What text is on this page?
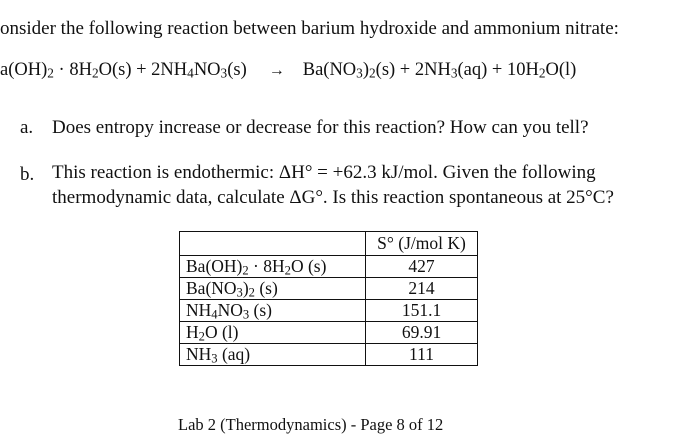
onsider the following reaction between barium hydroxide and ammonium nitrate:
$a(OH)_2 \cdot 8H_2O(s) + 2NH_4NO_3(s) \to Ba(NO_3)_2(s) + 2NH_3(aq) + 10H_2O(l)$
a. Does entropy increase or decrease for this reaction? How can you tell?
b. This reaction is endothermic: ΔH° = +62.3 kJ/mol. Given the following
thermodynamic data, calculate ΔG°. Is this reaction spontaneous at 25°C?
	S° (J/mol K)
$Ba(OH)_2 \cdot 8H_2O$ (s)	427
$Ba(NO_3)_2$ (s)	214
$NH_4NO_3$ (s)	151.1
$H_2O$ (l)	69.91
$NH_3$ (aq)	111
Lab 2 (Thermodynamics) - Page 8 of 12
